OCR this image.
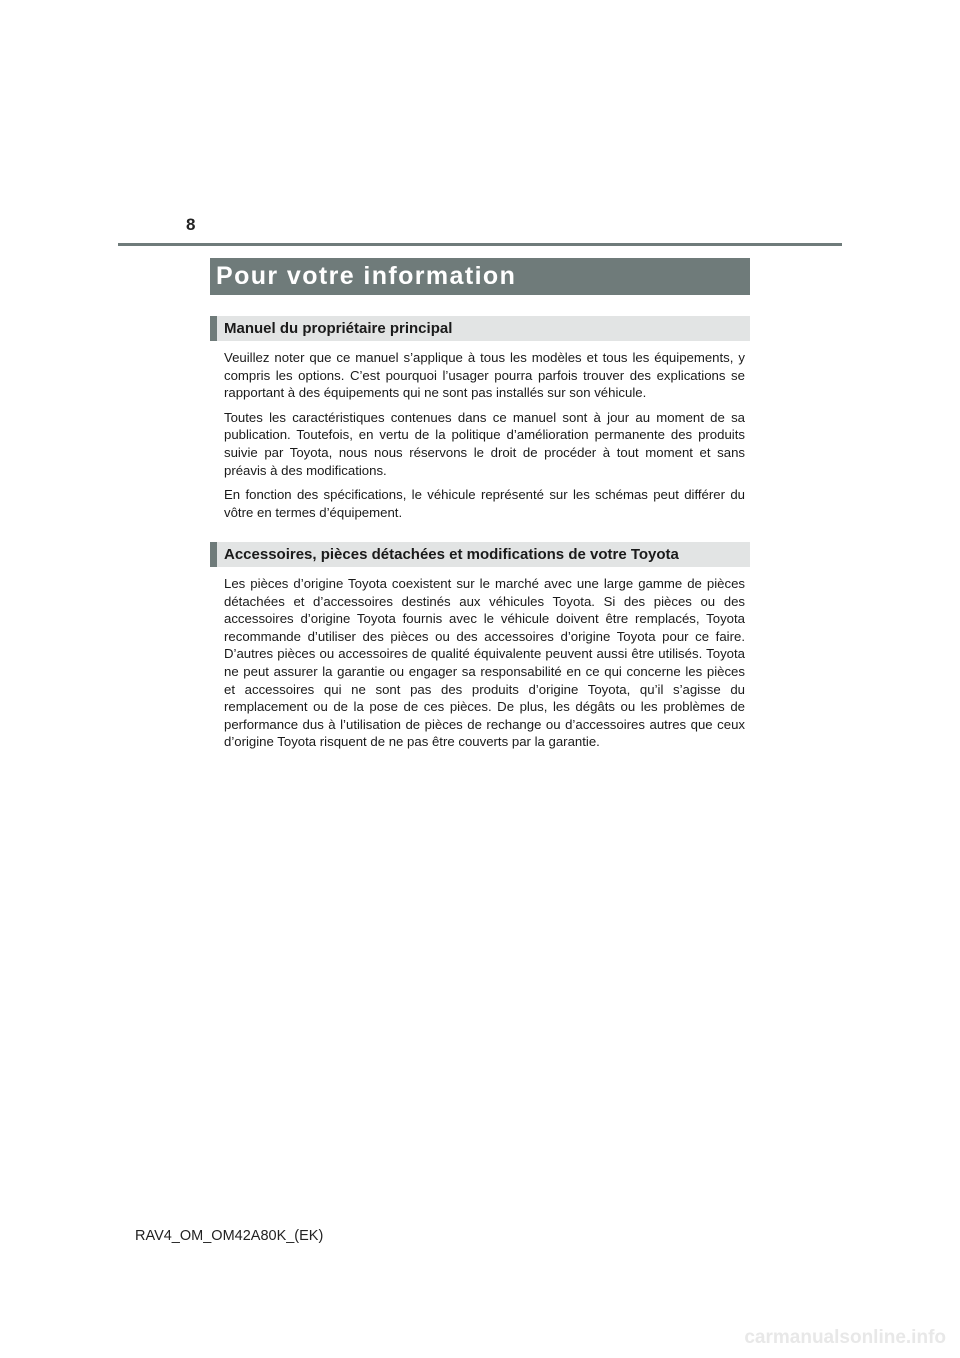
8
Pour votre information
Manuel du propriétaire principal

Veuillez noter que ce manuel s’applique à tous les modèles et tous les équipements, y compris les options. C’est pourquoi l’usager pourra parfois trouver des explications se rapportant à des équipements qui ne sont pas installés sur son véhicule.

Toutes les caractéristiques contenues dans ce manuel sont à jour au moment de sa publication. Toutefois, en vertu de la politique d’amélioration permanente des produits suivie par Toyota, nous nous réservons le droit de procéder à tout moment et sans préavis à des modifications.

En fonction des spécifications, le véhicule représenté sur les schémas peut différer du vôtre en termes d’équipement.

Accessoires, pièces détachées et modifications de votre Toyota

Les pièces d’origine Toyota coexistent sur le marché avec une large gamme de pièces détachées et d’accessoires destinés aux véhicules Toyota. Si des pièces ou des accessoires d’origine Toyota fournis avec le véhicule doivent être remplacés, Toyota recommande d’utiliser des pièces ou des accessoires d’origine Toyota pour ce faire. D’autres pièces ou accessoires de qualité équivalente peuvent aussi être utilisés. Toyota ne peut assurer la garantie ou engager sa responsabilité en ce qui concerne les pièces et accessoires qui ne sont pas des produits d’origine Toyota, qu’il s’agisse du remplacement ou de la pose de ces pièces. De plus, les dégâts ou les problèmes de performance dus à l’utilisation de pièces de rechange ou d’accessoires autres que ceux d’origine Toyota risquent de ne pas être couverts par la garantie.

RAV4_OM_OM42A80K_(EK)
carmanualsonline.info
